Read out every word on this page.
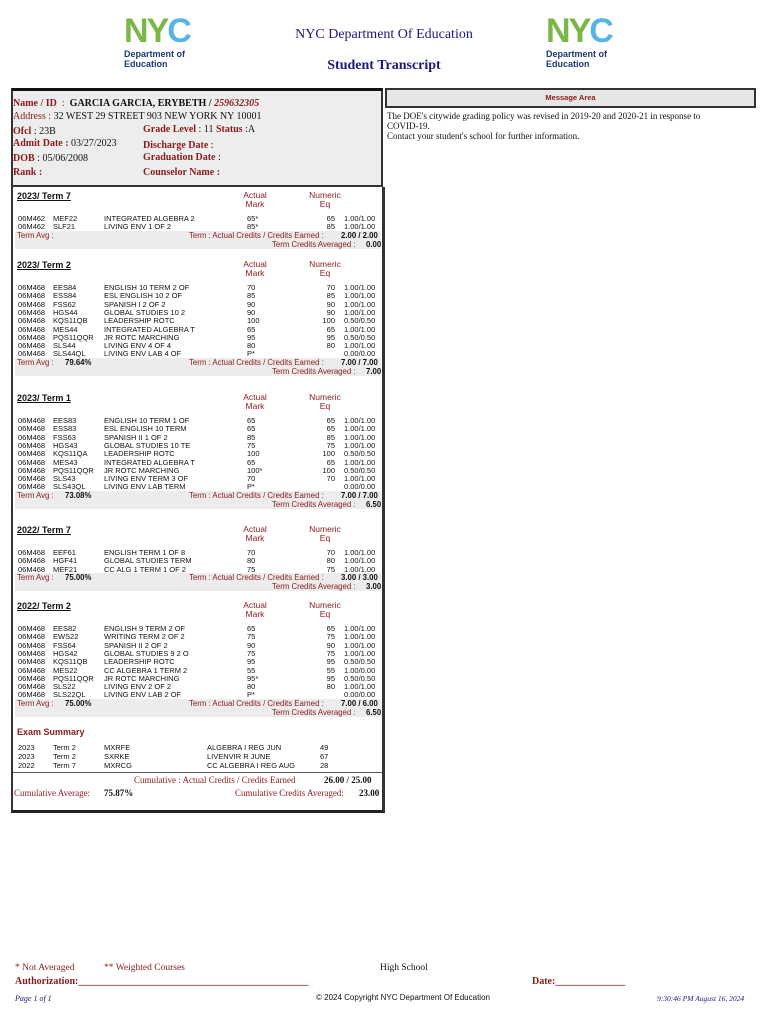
N Y C
Department of
Education
N Y C
Department of
Education
NYC Department Of Education
Student Transcript
Name / ID  :  GARCIA GARCIA, ERYBETH / 259632305
Address : 32 WEST 29 STREET 903 NEW YORK NY 10001
Ofcl : 23B	Grade Level : 11 Status :A
Admit Date : 03/27/2023	Discharge Date :
DOB : 05/06/2008	Graduation Date :
Rank :	Counselor Name :
Message Area
The DOE's citywide grading policy was revised in 2019-20 and 2020-21 in response to
COVID-19.
Contact your student's school for further information.
2023/ Term 7	Actual
Mark
Numeric
Eq
06M462 MEF22	INTEGRATED ALGEBRA 2	65*	65 1.00/1.00
06M462 SLF21	LIVING ENV 1 OF 2	85*	85 1.00/1.00
Term Avg :	Term : Actual Credits / Credits Earned : 2.00 / 2.00
Term Credits Averaged : 0.00
2023/ Term 2	Actual
Mark
Numeric
Eq
06M468 EES84	ENGLISH 10 TERM 2 OF	70	70 1.00/1.00
06M468 ESS84	ESL ENGLISH 10 2 OF	85	85 1.00/1.00
06M468 FSS62	SPANISH I 2 OF 2	90	90 1.00/1.00
06M468 HGS44	GLOBAL STUDIES 10 2	90	90 1.00/1.00
06M468 KQS11QB LEADERSHIP ROTC	100	100 0.50/0.50
06M468 MES44	INTEGRATED ALGEBRA T	65	65 1.00/1.00
06M468 PQS11QQR JR ROTC MARCHING	95	95 0.50/0.50
06M468 SLS44	LIVING ENV 4 OF 4	80	80 1.00/1.00
06M468 SLS44QL LIVING ENV LAB 4 OF	P*	0.00/0.00
Term Avg : 79.64%	Term : Actual Credits / Credits Earned : 7.00 / 7.00
Term Credits Averaged : 7.00
2023/ Term 1	Actual
Mark
Numeric
Eq
06M468 EES83	ENGLISH 10 TERM 1 OF	65	65 1.00/1.00
06M468 ESS83	ESL ENGLISH 10 TERM	65	65 1.00/1.00
06M468 FSS63	SPANISH II 1 OF 2	85	85 1.00/1.00
06M468 HGS43	GLOBAL STUDIES 10 TE	75	75 1.00/1.00
06M468 KQS11QA LEADERSHIP ROTC	100	100 0.50/0.50
06M468 MES43	INTEGRATED ALGEBRA T	65	65 1.00/1.00
06M468 PQS11QQR JR ROTC MARCHING	100*	100 0.50/0.50
06M468 SLS43	LIVING ENV TERM 3 OF	70	70 1.00/1.00
06M468 SLS43QL LIVING ENV LAB TERM	P*	0.00/0.00
Term Avg : 73.08%	Term : Actual Credits / Credits Earned : 7.00 / 7.00
Term Credits Averaged : 6.50
2022/ Term 7	Actual
Mark
Numeric
Eq
06M468 EEF61	ENGLISH TERM 1 OF 8	70	70 1.00/1.00
06M468 HGF41	GLOBAL STUDIES TERM	80	80 1.00/1.00
06M468 MEF21	CC ALG 1 TERM 1 OF 2	75	75 1.00/1.00
Term Avg : 75.00%	Term : Actual Credits / Credits Earned : 3.00 / 3.00
Term Credits Averaged : 3.00
2022/ Term 2	Actual
Mark
Numeric
Eq
06M468 EES82	ENGLISH 9 TERM 2 OF	65	65 1.00/1.00
06M468 EWS22	WRITING TERM 2 OF 2	75	75 1.00/1.00
06M468 FSS64	SPANISH II 2 OF 2	90	90 1.00/1.00
06M468 HGS42	GLOBAL STUDIES 9 2 O	75	75 1.00/1.00
06M468 KQS11QB LEADERSHIP ROTC	95	95 0.50/0.50
06M468 MES22	CC ALGEBRA 1 TERM 2	55	55 1.00/0.00
06M468 PQS11QQR JR ROTC MARCHING	95*	95 0.50/0.50
06M468 SLS22	LIVING ENV 2 OF 2	80	80 1.00/1.00
06M468 SLS22QL LIVING ENV LAB 2 OF	P*	0.00/0.00
Term Avg : 75.00%	Term : Actual Credits / Credits Earned : 7.00 / 6.00
Term Credits Averaged : 6.50
Exam Summary
2023 Term 2	MXRFE	ALGEBRA I REG JUN	49
2023 Term 2	SXRKE	LIVENVIR R JUNE	67
2022 Term 7	MXRCG	CC ALGEBRA I REG AUG	28
Cumulative : Actual Credits / Credits Earned	26.00 / 25.00
Cumulative Average: 75.87%	Cumulative Credits Averaged: 23.00
* Not Averaged	** Weighted Courses	High School
Authorization:______________________________________________	Date:______________
Page 1 of 1	© 2024 Copyright NYC Department Of Education	9:30:46 PM August 16, 2024
